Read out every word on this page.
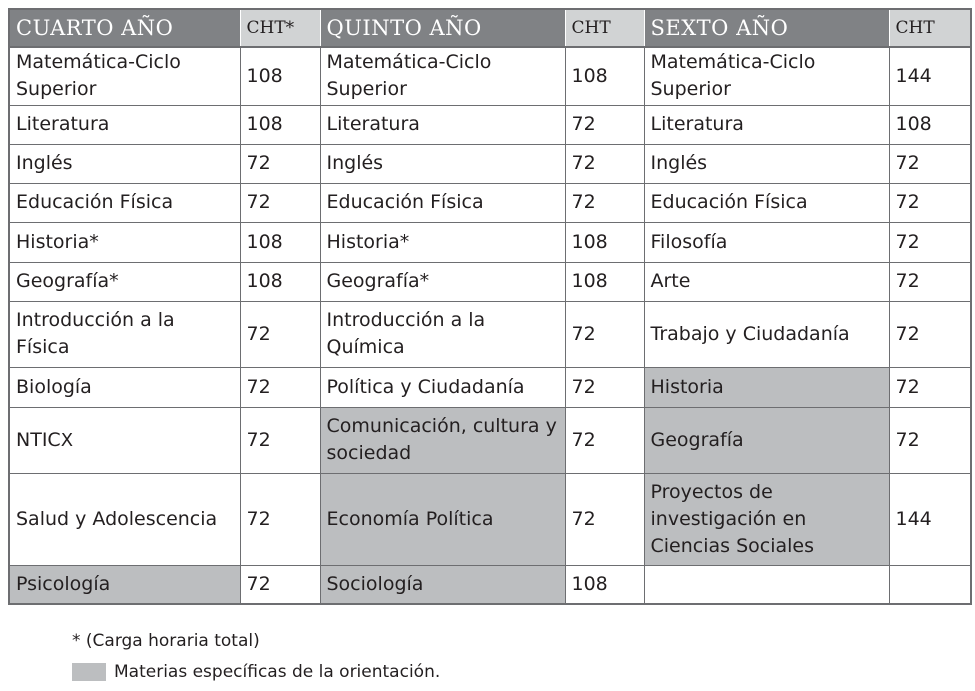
CUARTO AÑO	CHT*	QUINTO AÑO	CHT	SEXTO AÑO	CHT
Matemática-Ciclo Superior	108	Matemática-Ciclo Superior	108	Matemática-Ciclo Superior	144
Literatura	108	Literatura	72	Literatura	108
Inglés	72	Inglés	72	Inglés	72
Educación Física	72	Educación Física	72	Educación Física	72
Historia*	108	Historia*	108	Filosofía	72
Geografía*	108	Geografía*	108	Arte	72
Introducción a la Física	72	Introducción a la Química	72	Trabajo y Ciudadanía	72
Biología	72	Política y Ciudadanía	72	Historia	72
NTICX	72	Comunicación, cultura y sociedad	72	Geografía	72
Salud y Adolescencia	72	Economía Política	72	Proyectos de investigación en Ciencias Sociales	144
Psicología	72	Sociología	108		
* (Carga horaria total)
Materias específicas de la orientación.
